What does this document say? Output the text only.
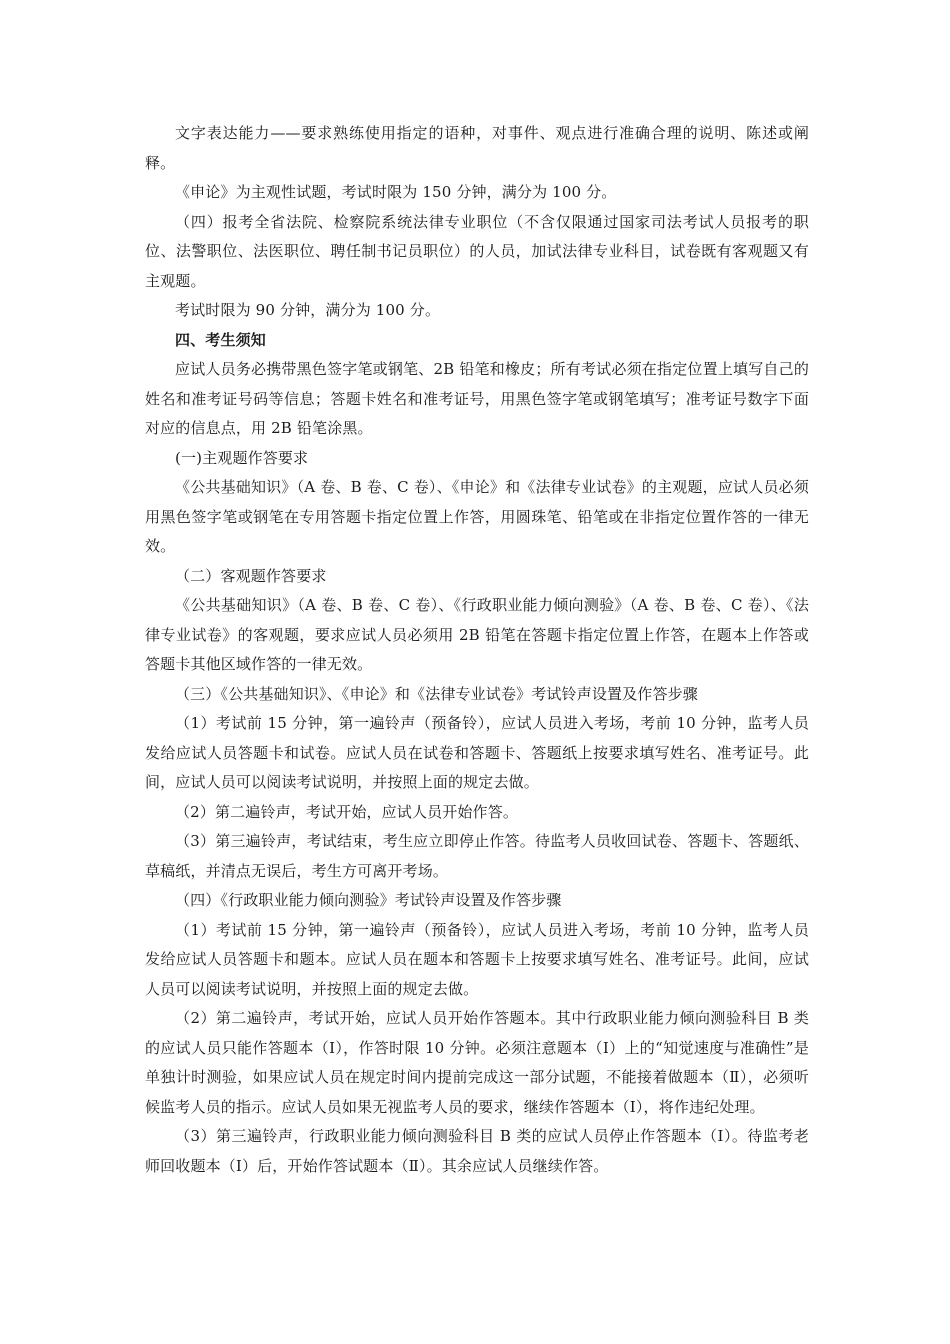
文字表达能力——要求熟练使用指定的语种，对事件、观点进行准确合理的说明、陈述或阐释。

《申论》为主观性试题，考试时限为 150 分钟，满分为 100 分。

（四）报考全省法院、检察院系统法律专业职位（不含仅限通过国家司法考试人员报考的职位、法警职位、法医职位、聘任制书记员职位）的人员，加试法律专业科目，试卷既有客观题又有主观题。

考试时限为 90 分钟，满分为 100 分。

四、考生须知

应试人员务必携带黑色签字笔或钢笔、2B 铅笔和橡皮；所有考试必须在指定位置上填写自己的姓名和准考证号码等信息；答题卡姓名和准考证号，用黑色签字笔或钢笔填写；准考证号数字下面对应的信息点，用 2B 铅笔涂黑。

(一)主观题作答要求

《公共基础知识》（A 卷、B 卷、C 卷）、《申论》和《法律专业试卷》的主观题，应试人员必须用黑色签字笔或钢笔在专用答题卡指定位置上作答，用圆珠笔、铅笔或在非指定位置作答的一律无效。

（二）客观题作答要求

《公共基础知识》（A 卷、B 卷、C 卷）、《行政职业能力倾向测验》（A 卷、B 卷、C 卷）、《法律专业试卷》的客观题，要求应试人员必须用 2B 铅笔在答题卡指定位置上作答，在题本上作答或答题卡其他区域作答的一律无效。

（三）《公共基础知识》、《申论》和《法律专业试卷》考试铃声设置及作答步骤

（1）考试前 15 分钟，第一遍铃声（预备铃），应试人员进入考场，考前 10 分钟，监考人员发给应试人员答题卡和试卷。应试人员在试卷和答题卡、答题纸上按要求填写姓名、准考证号。此间，应试人员可以阅读考试说明，并按照上面的规定去做。

（2）第二遍铃声，考试开始，应试人员开始作答。

（3）第三遍铃声，考试结束，考生应立即停止作答。待监考人员收回试卷、答题卡、答题纸、草稿纸，并清点无误后，考生方可离开考场。

（四）《行政职业能力倾向测验》考试铃声设置及作答步骤

（1）考试前 15 分钟，第一遍铃声（预备铃），应试人员进入考场，考前 10 分钟，监考人员发给应试人员答题卡和题本。应试人员在题本和答题卡上按要求填写姓名、准考证号。此间，应试人员可以阅读考试说明，并按照上面的规定去做。

（2）第二遍铃声，考试开始，应试人员开始作答题本。其中行政职业能力倾向测验科目 B 类的应试人员只能作答题本（Ⅰ），作答时限 10 分钟。必须注意题本（Ⅰ）上的“知觉速度与准确性”是单独计时测验，如果应试人员在规定时间内提前完成这一部分试题，不能接着做题本（Ⅱ），必须听候监考人员的指示。应试人员如果无视监考人员的要求，继续作答题本（Ⅰ），将作违纪处理。

（3）第三遍铃声，行政职业能力倾向测验科目 B 类的应试人员停止作答题本（Ⅰ）。待监考老师回收题本（Ⅰ）后，开始作答试题本（Ⅱ）。其余应试人员继续作答。
